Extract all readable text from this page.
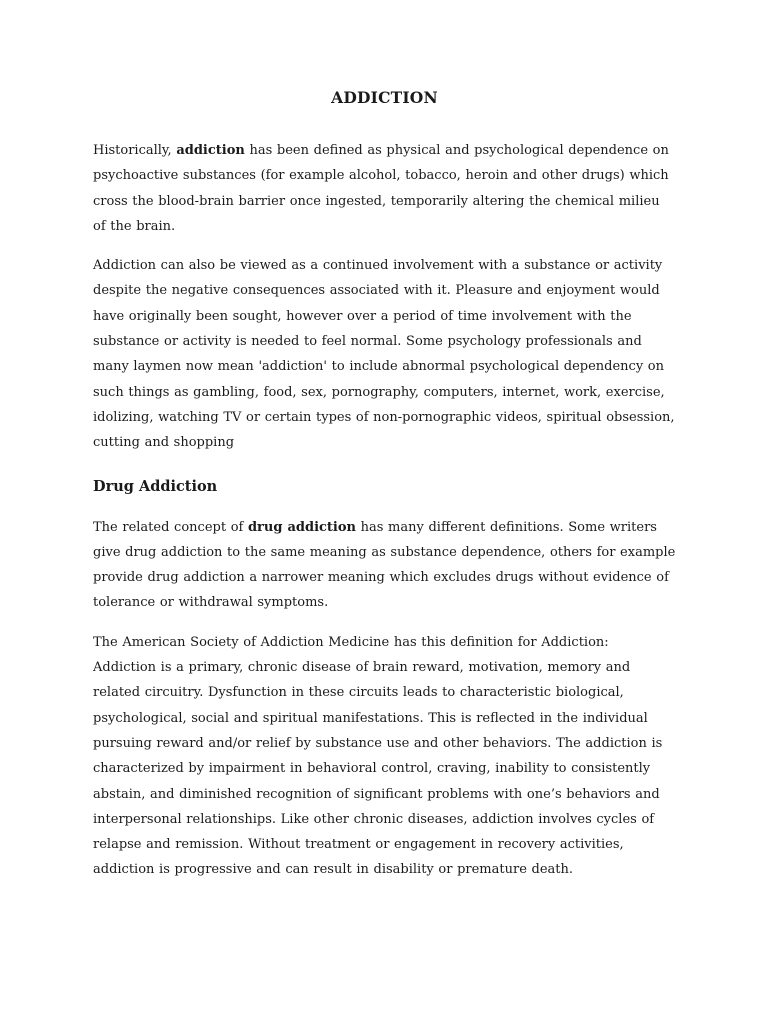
ADDICTION

Historically, addiction has been defined as physical and psychological dependence on psychoactive substances (for example alcohol, tobacco, heroin and other drugs) which cross the blood-brain barrier once ingested, temporarily altering the chemical milieu of the brain.

Addiction can also be viewed as a continued involvement with a substance or activity despite the negative consequences associated with it. Pleasure and enjoyment would have originally been sought, however over a period of time involvement with the substance or activity is needed to feel normal. Some psychology professionals and many laymen now mean 'addiction' to include abnormal psychological dependency on such things as gambling, food, sex, pornography, computers, internet, work, exercise, idolizing, watching TV or certain types of non-pornographic videos, spiritual obsession, cutting and shopping

Drug Addiction

The related concept of drug addiction has many different definitions. Some writers give drug addiction to the same meaning as substance dependence, others for example provide drug addiction a narrower meaning which excludes drugs without evidence of tolerance or withdrawal symptoms.

The American Society of Addiction Medicine has this definition for Addiction: Addiction is a primary, chronic disease of brain reward, motivation, memory and related circuitry. Dysfunction in these circuits leads to characteristic biological, psychological, social and spiritual manifestations. This is reflected in the individual pursuing reward and/or relief by substance use and other behaviors. The addiction is characterized by impairment in behavioral control, craving, inability to consistently abstain, and diminished recognition of significant problems with one’s behaviors and interpersonal relationships. Like other chronic diseases, addiction involves cycles of relapse and remission. Without treatment or engagement in recovery activities, addiction is progressive and can result in disability or premature death.
